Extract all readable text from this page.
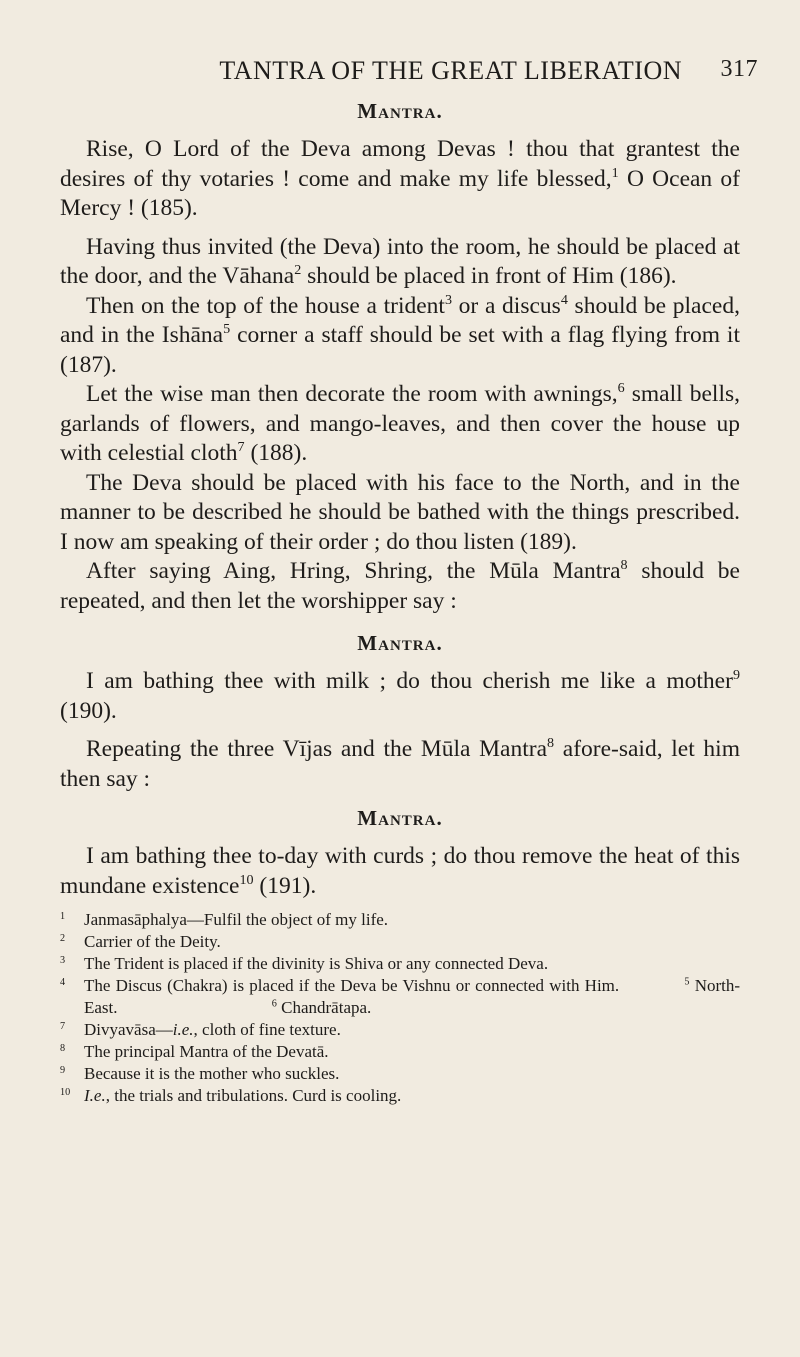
TANTRA OF THE GREAT LIBERATION 317
Mantra.

Rise, O Lord of the Deva among Devas ! thou that grantest the desires of thy votaries ! come and make my life blessed,$^1$ O Ocean of Mercy ! (185).

Having thus invited (the Deva) into the room, he should be placed at the door, and the Vāhana$^2$ should be placed in front of Him (186).

Then on the top of the house a trident$^3$ or a discus$^4$ should be placed, and in the Ishāna$^5$ corner a staff should be set with a flag flying from it (187).

Let the wise man then decorate the room with awnings,$^6$ small bells, garlands of flowers, and mango-leaves, and then cover the house up with celestial cloth$^7$ (188).

The Deva should be placed with his face to the North, and in the manner to be described he should be bathed with the things prescribed. I now am speaking of their order ; do thou listen (189).

After saying Aing, Hring, Shring, the Mūla Mantra$^8$ should be repeated, and then let the worshipper say :

Mantra.

I am bathing thee with milk ; do thou cherish me like a mother$^9$ (190).

Repeating the three Vījas and the Mūla Mantra$^8$ afore-said, let him then say :

Mantra.

I am bathing thee to-day with curds ; do thou remove the heat of this mundane existence$^{10}$ (191).

1 Janmasāphalya—Fulfil the object of my life.

2 Carrier of the Deity.

3 The Trident is placed if the divinity is Shiva or any connected Deva.

4 The Discus (Chakra) is placed if the Deva be Vishnu or connected with Him.	$^5$ North-East.	$^6$ Chandrātapa.

7 Divyavāsa—i.e., cloth of fine texture.

8 The principal Mantra of the Devatā.

9 Because it is the mother who suckles.

10 I.e., the trials and tribulations. Curd is cooling.
